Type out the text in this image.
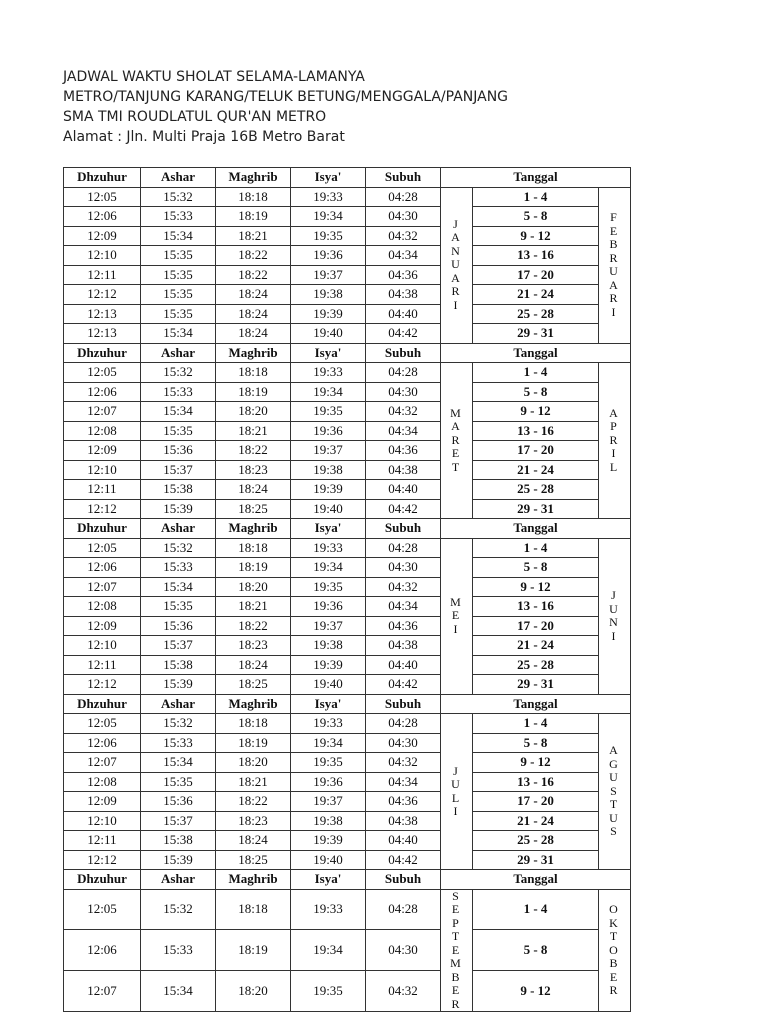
JADWAL WAKTU SHOLAT SELAMA-LAMANYA
METRO/TANJUNG KARANG/TELUK BETUNG/MENGGALA/PANJANG
SMA TMI ROUDLATUL QUR'AN METRO
Alamat : Jln. Multi Praja 16B Metro Barat
Dhzuhur	Ashar	Maghrib	Isya'	Subuh	Tanggal		
12:05	15:32	18:18	19:33	04:28	JANUARI	1 - 4	FEBRUARI

12:06	15:33	18:19	19:34	04:30		5 - 8	
12:09	15:34	18:21	19:35	04:32		9 - 12	
12:10	15:35	18:22	19:36	04:34		13 - 16	
12:11	15:35	18:22	19:37	04:36		17 - 20	
12:12	15:35	18:24	19:38	04:38		21 - 24	
12:13	15:35	18:24	19:39	04:40		25 - 28	
12:13	15:34	18:24	19:40	04:42		29 - 31	
Dhzuhur	Ashar	Maghrib	Isya'	Subuh	Tanggal		
12:05	15:32	18:18	19:33	04:28	MARET	1 - 4	APRIL

12:06	15:33	18:19	19:34	04:30		5 - 8	
12:07	15:34	18:20	19:35	04:32		9 - 12	
12:08	15:35	18:21	19:36	04:34		13 - 16	
12:09	15:36	18:22	19:37	04:36		17 - 20	
12:10	15:37	18:23	19:38	04:38		21 - 24	
12:11	15:38	18:24	19:39	04:40		25 - 28	
12:12	15:39	18:25	19:40	04:42		29 - 31	
Dhzuhur	Ashar	Maghrib	Isya'	Subuh	Tanggal		
12:05	15:32	18:18	19:33	04:28	MEI	1 - 4	JUNI

12:06	15:33	18:19	19:34	04:30		5 - 8	
12:07	15:34	18:20	19:35	04:32		9 - 12	
12:08	15:35	18:21	19:36	04:34		13 - 16	
12:09	15:36	18:22	19:37	04:36		17 - 20	
12:10	15:37	18:23	19:38	04:38		21 - 24	
12:11	15:38	18:24	19:39	04:40		25 - 28	
12:12	15:39	18:25	19:40	04:42		29 - 31	
Dhzuhur	Ashar	Maghrib	Isya'	Subuh	Tanggal		
12:05	15:32	18:18	19:33	04:28	JULI	1 - 4	AGUSTUS

12:06	15:33	18:19	19:34	04:30		5 - 8	
12:07	15:34	18:20	19:35	04:32		9 - 12	
12:08	15:35	18:21	19:36	04:34		13 - 16	
12:09	15:36	18:22	19:37	04:36		17 - 20	
12:10	15:37	18:23	19:38	04:38		21 - 24	
12:11	15:38	18:24	19:39	04:40		25 - 28	
12:12	15:39	18:25	19:40	04:42		29 - 31	
Dhzuhur	Ashar	Maghrib	Isya'	Subuh	Tanggal		
12:05	15:32	18:18	19:33	04:28	SEPTEMBER	1 - 4	OKTOBER

12:06	15:33	18:19	19:34	04:30		5 - 8	
12:07	15:34	18:20	19:35	04:32		9 - 12	
